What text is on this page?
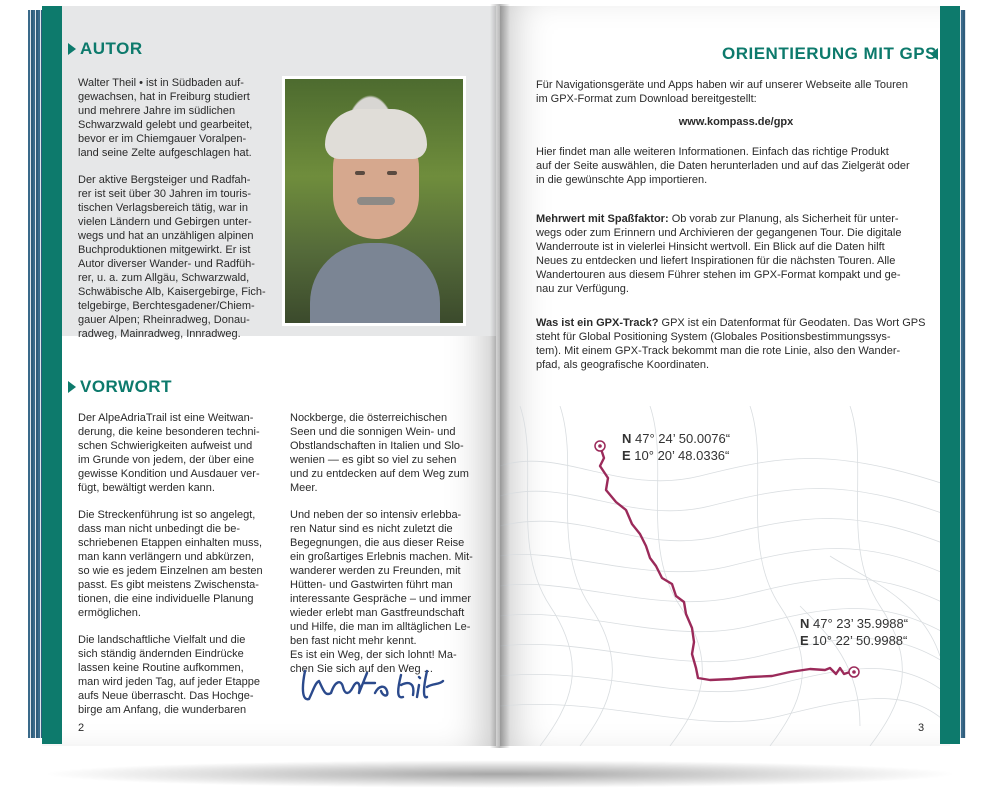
AUTOR

Walter Theil • ist in Südbaden auf-
gewachsen, hat in Freiburg studiert
und mehrere Jahre im südlichen
Schwarzwald gelebt und gearbeitet,
bevor er im Chiemgauer Voralpen-
land seine Zelte aufgeschlagen hat.

Der aktive Bergsteiger und Radfah-
rer ist seit über 30 Jahren im touris-
tischen Verlagsbereich tätig, war in
vielen Ländern und Gebirgen unter-
wegs und hat an unzähligen alpinen
Buchproduktionen mitgewirkt. Er ist
Autor diverser Wander- und Radfüh-
rer, u. a. zum Allgäu, Schwarzwald,
Schwäbische Alb, Kaisergebirge, Fich-
telgebirge, Berchtesgadener/Chiem-
gauer Alpen; Rheinradweg, Donau-
radweg, Mainradweg, Innradweg.

VORWORT

Der AlpeAdriaTrail ist eine Weitwan-
derung, die keine besonderen techni-
schen Schwierigkeiten aufweist und
im Grunde von jedem, der über eine
gewisse Kondition und Ausdauer ver-
fügt, bewältigt werden kann.

Die Streckenführung ist so angelegt,
dass man nicht unbedingt die be-
schriebenen Etappen einhalten muss,
man kann verlängern und abkürzen,
so wie es jedem Einzelnen am besten
passt. Es gibt meistens Zwischensta-
tionen, die eine individuelle Planung
ermöglichen.

Die landschaftliche Vielfalt und die
sich ständig ändernden Eindrücke
lassen keine Routine aufkommen,
man wird jeden Tag, auf jeder Etappe
aufs Neue überrascht. Das Hochge-
birge am Anfang, die wunderbaren

Nockberge, die österreichischen
Seen und die sonnigen Wein- und
Obstlandschaften in Italien und Slo-
wenien — es gibt so viel zu sehen
und zu entdecken auf dem Weg zum
Meer.

Und neben der so intensiv erlebba-
ren Natur sind es nicht zuletzt die
Begegnungen, die aus dieser Reise
ein großartiges Erlebnis machen. Mit-
wanderer werden zu Freunden, mit
Hütten- und Gastwirten führt man
interessante Gespräche – und immer
wieder erlebt man Gastfreundschaft
und Hilfe, die man im alltäglichen Le-
ben fast nicht mehr kennt.
Es ist ein Weg, der sich lohnt! Ma-
chen Sie sich auf den Weg ...

2
ORIENTIERUNG MIT GPS
Für Navigationsgeräte und Apps haben wir auf unserer Webseite alle Touren
im GPX-Format zum Download bereitgestellt:
www.kompass.de/gpx
Hier findet man alle weiteren Informationen. Einfach das richtige Produkt
auf der Seite auswählen, die Daten herunterladen und auf das Zielgerät oder
in die gewünschte App importieren.
Mehrwert mit Spaßfaktor: Ob vorab zur Planung, als Sicherheit für unter-
wegs oder zum Erinnern und Archivieren der gegangenen Tour. Die digitale
Wanderroute ist in vielerlei Hinsicht wertvoll. Ein Blick auf die Daten hilft
Neues zu entdecken und liefert Inspirationen für die nächsten Touren. Alle
Wandertouren aus diesem Führer stehen im GPX-Format kompakt und ge-
nau zur Verfügung.
Was ist ein GPX-Track? GPX ist ein Datenformat für Geodaten. Das Wort GPS
steht für Global Positioning System (Globales Positionsbestimmungssys-
tem). Mit einem GPX-Track bekommt man die rote Linie, also den Wander-
pfad, als geografische Koordinaten.
N 47° 24’ 50.0076“
E 10° 20’ 48.0336“
N 47° 23’ 35.9988“
E 10° 22’ 50.9988“
3
